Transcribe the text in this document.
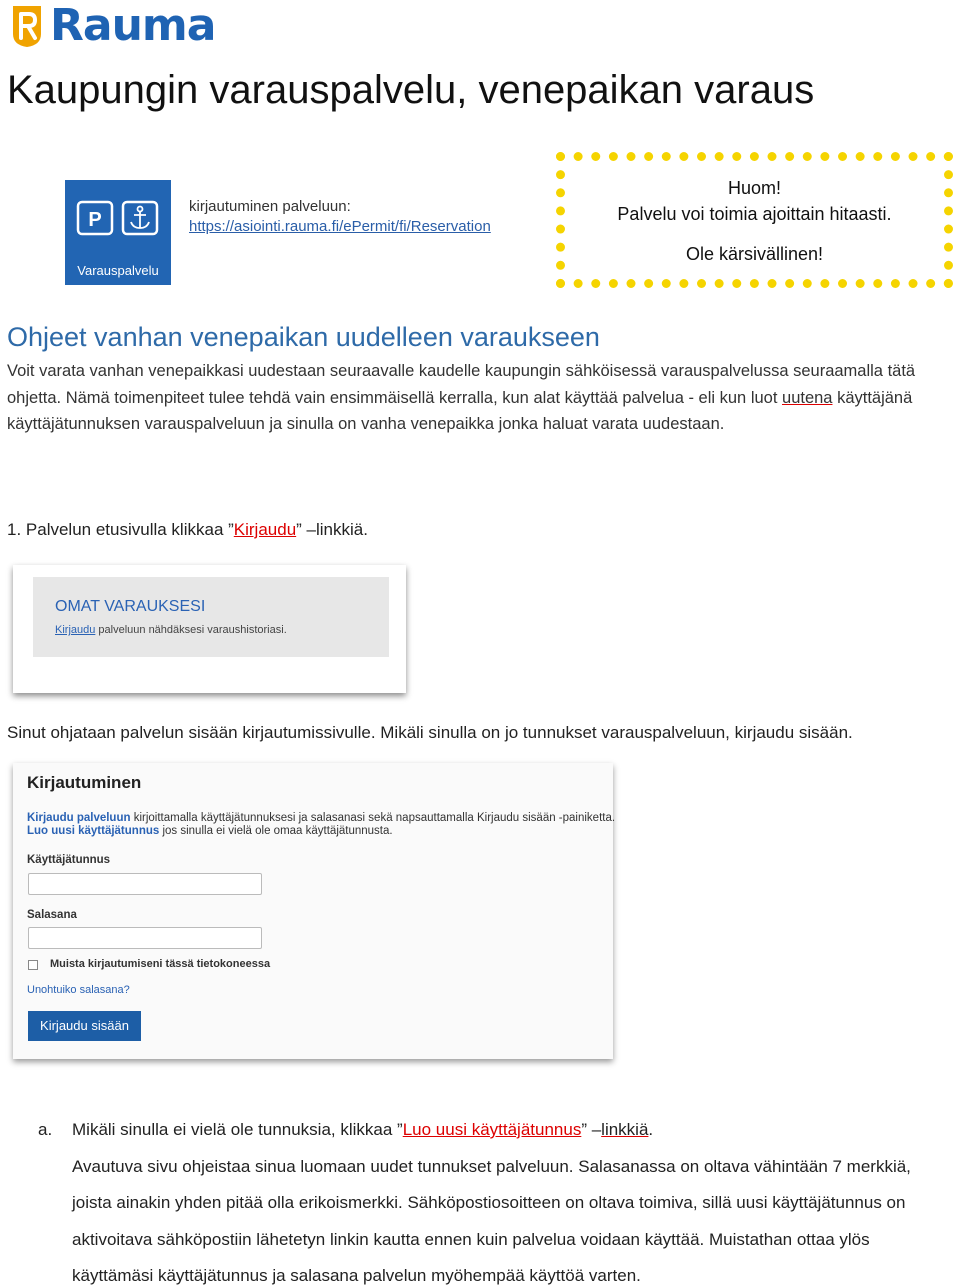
Rauma
Kaupungin varauspalvelu, venepaikan varaus
P
Varauspalvelu
kirjautuminen palveluun:
https://asiointi.rauma.fi/ePermit/fi/Reservation
Huom!
Palvelu voi toimia ajoittain hitaasti.
Ole kärsivällinen!
Ohjeet vanhan venepaikan uudelleen varaukseen

Voit varata vanhan venepaikkasi uudestaan seuraavalle kaudelle kaupungin sähköisessä varauspalvelussa seuraamalla tätä ohjetta. Nämä toimenpiteet tulee tehdä vain ensimmäisellä kerralla, kun alat käyttää palvelua - eli kun luot uutena käyttäjänä käyttäjätunnuksen varauspalveluun ja sinulla on vanha venepaikka jonka haluat varata uudestaan.

1. Palvelun etusivulla klikkaa ”Kirjaudu” –linkkiä.

OMAT VARAUKSESI
Kirjaudu palveluun nähdäksesi varaushistoriasi.

Sinut ohjataan palvelun sisään kirjautumissivulle. Mikäli sinulla on jo tunnukset varauspalveluun, kirjaudu sisään.

Kirjautuminen
Kirjaudu palveluun kirjoittamalla käyttäjätunnuksesi ja salasanasi sekä napsauttamalla Kirjaudu sisään -painiketta.
Luo uusi käyttäjätunnus jos sinulla ei vielä ole omaa käyttäjätunnusta.
Käyttäjätunnus
Salasana
Muista kirjautumiseni tässä tietokoneessa
Unohtuiko salasana?
Kirjaudu sisään
a. Mikäli sinulla ei vielä ole tunnuksia, klikkaa ”Luo uusi käyttäjätunnus” –linkkiä.
Avautuva sivu ohjeistaa sinua luomaan uudet tunnukset palveluun. Salasanassa on oltava vähintään 7 merkkiä, joista ainakin yhden pitää olla erikoismerkki. Sähköpostiosoitteen on oltava toimiva, sillä uusi käyttäjätunnus on aktivoitava sähköpostiin lähetetyn linkin kautta ennen kuin palvelua voidaan käyttää. Muistathan ottaa ylös käyttämäsi käyttäjätunnus ja salasana palvelun myöhempää käyttöä varten.
